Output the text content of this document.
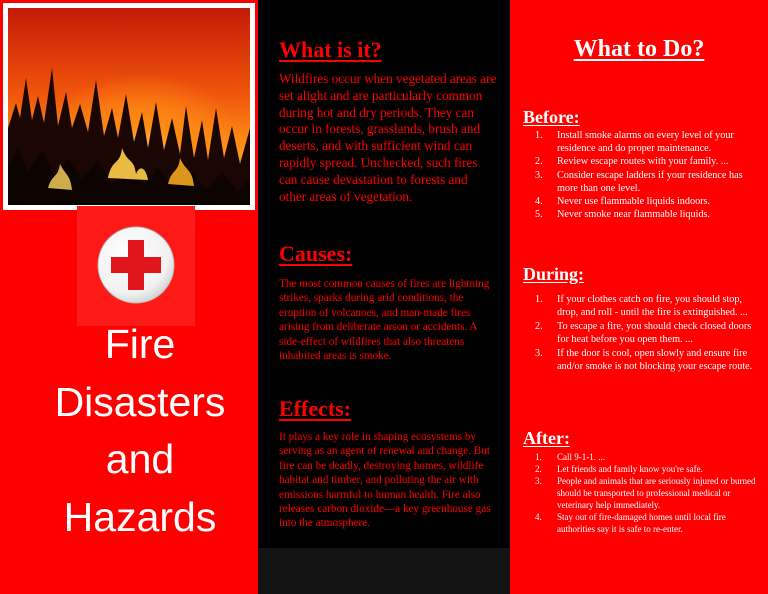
Fire
Disasters
and
Hazards
What is it?
Wildfires occur when vegetated areas are set alight and are particularly common during hot and dry periods. They can occur in forests, grasslands, brush and deserts, and with sufficient wind can rapidly spread. Unchecked, such fires can cause devastation to forests and other areas of vegetation.
Causes:
The most common causes of fires are lightning strikes, sparks during arid conditions, the eruption of volcanoes, and man-made fires arising from deliberate arson or accidents. A side-effect of wildfires that also threatens inhabited areas is smoke.
Effects:
It plays a key role in shaping ecosystems by serving as an agent of renewal and change. But fire can be deadly, destroying homes, wildlife habitat and timber, and polluting the air with emissions harmful to human health. Fire also releases carbon dioxide—a key greenhouse gas into the atmosphere.
What to Do?
Before:
1. Install smoke alarms on every level of your residence and do proper maintenance.
2. Review escape routes with your family. ...
3. Consider escape ladders if your residence has more than one level.
4. Never use flammable liquids indoors.
5. Never smoke near flammable liquids.
During:
1. If your clothes catch on fire, you should stop, drop, and roll - until the fire is extinguished. ...
2. To escape a fire, you should check closed doors for heat before you open them. ...
3. If the door is cool, open slowly and ensure fire and/or smoke is not blocking your escape route.
After:
1. Call 9-1-1. ...
2. Let friends and family know you're safe.
3. People and animals that are seriously injured or burned should be transported to professional medical or veterinary help immediately.
4. Stay out of fire-damaged homes until local fire authorities say it is safe to re-enter.
